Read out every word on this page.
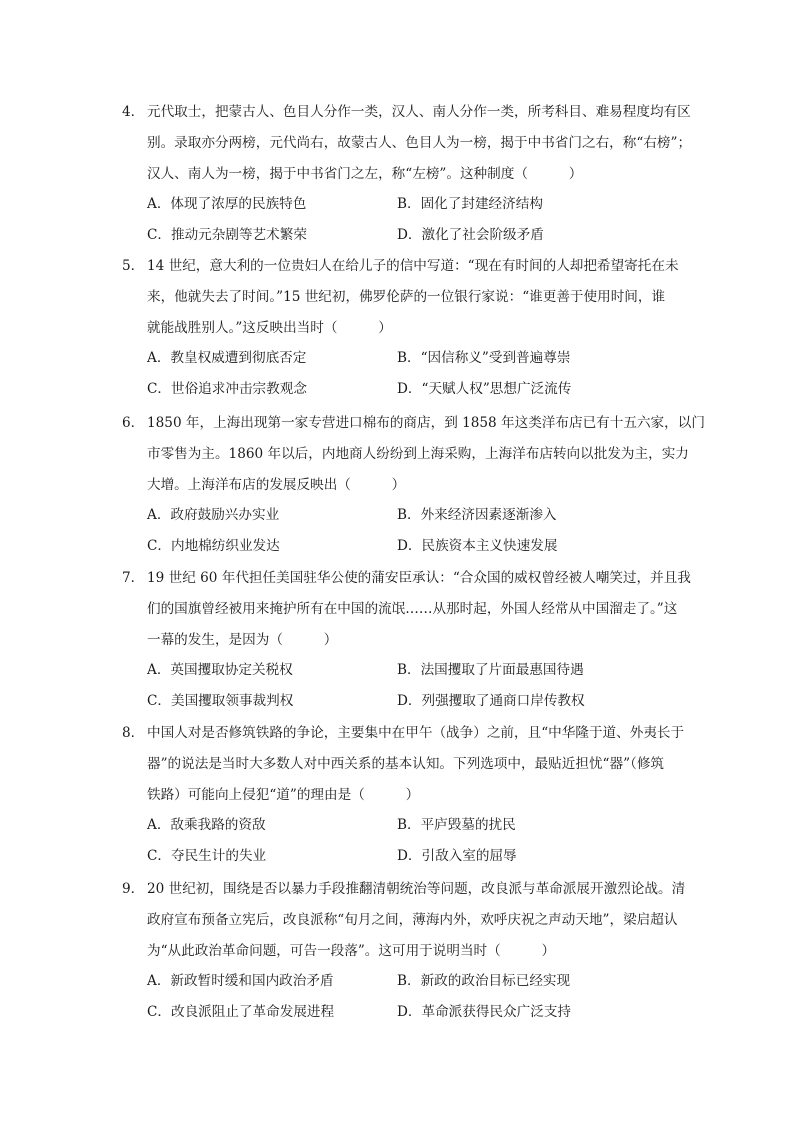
4． 元代取士，把蒙古人、色目人分作一类，汉人、南人分作一类，所考科目、难易程度均有区
别。录取亦分两榜，元代尚右，故蒙古人、色目人为一榜，揭于中书省门之右，称“右榜”；
汉人、南人为一榜，揭于中书省门之左，称“左榜”。这种制度（　　　）
A．体现了浓厚的民族特色	B．固化了封建经济结构
C．推动元杂剧等艺术繁荣	D．激化了社会阶级矛盾
5． 14 世纪，意大利的一位贵妇人在给儿子的信中写道：“现在有时间的人却把希望寄托在未
来，他就失去了时间。”15 世纪初，佛罗伦萨的一位银行家说：“谁更善于使用时间，谁
就能战胜别人。”这反映出当时（　　　）
A．教皇权威遭到彻底否定	B．“因信称义”受到普遍尊崇
C．世俗追求冲击宗教观念	D．“天赋人权”思想广泛流传
6． 1850 年，上海出现第一家专营进口棉布的商店，到 1858 年这类洋布店已有十五六家，以门
市零售为主。1860 年以后，内地商人纷纷到上海采购，上海洋布店转向以批发为主，实力
大增。上海洋布店的发展反映出（　　　）
A．政府鼓励兴办实业	B．外来经济因素逐渐渗入
C．内地棉纺织业发达	D．民族资本主义快速发展
7． 19 世纪 60 年代担任美国驻华公使的蒲安臣承认：“合众国的威权曾经被人嘲笑过，并且我
们的国旗曾经被用来掩护所有在中国的流氓……从那时起，外国人经常从中国溜走了。”这
一幕的发生，是因为（　　　）
A．英国攫取协定关税权	B．法国攫取了片面最惠国待遇
C．美国攫取领事裁判权	D．列强攫取了通商口岸传教权
8． 中国人对是否修筑铁路的争论，主要集中在甲午（战争）之前，且“中华隆于道、外夷长于
器”的说法是当时大多数人对中西关系的基本认知。下列选项中，最贴近担忧“器”（修筑
铁路）可能向上侵犯“道”的理由是（　　　）
A．敌乘我路的资敌	B．平庐毁墓的扰民
C．夺民生计的失业	D．引敌入室的屈辱
9． 20 世纪初，围绕是否以暴力手段推翻清朝统治等问题，改良派与革命派展开激烈论战。清
政府宣布预备立宪后，改良派称“旬月之间，薄海内外，欢呼庆祝之声动天地”，梁启超认
为“从此政治革命问题，可告一段落”。这可用于说明当时（　　　）
A．新政暂时缓和国内政治矛盾	B．新政的政治目标已经实现
C．改良派阻止了革命发展进程	D．革命派获得民众广泛支持
